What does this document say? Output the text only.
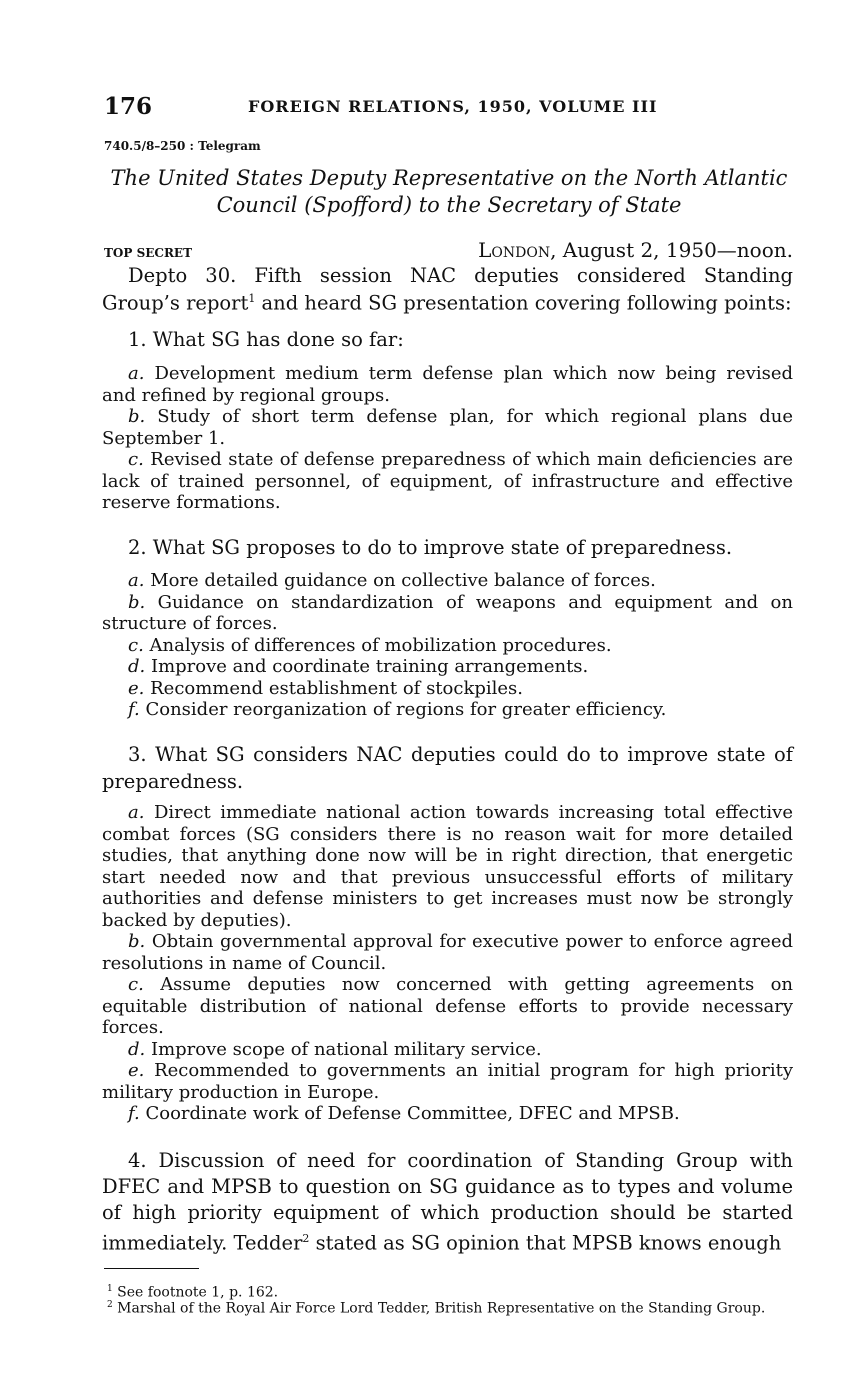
176	FOREIGN RELATIONS, 1950, VOLUME III
740.5/8–250 : Telegram
The United States Deputy Representative on the North Atlantic
Council (Spofford) to the Secretary of State
TOP SECRET	London, August 2, 1950—noon.
Depto 30. Fifth session NAC deputies considered Standing Group’s report$^1$ and heard SG presentation covering following points:
1. What SG has done so far:

a. Development medium term defense plan which now being revised and refined by regional groups.

b. Study of short term defense plan, for which regional plans due September 1.

c. Revised state of defense preparedness of which main deficiencies are lack of trained personnel, of equipment, of infrastructure and effective reserve formations.

2. What SG proposes to do to improve state of preparedness.

a. More detailed guidance on collective balance of forces.

b. Guidance on standardization of weapons and equipment and on structure of forces.

c. Analysis of differences of mobilization procedures.

d. Improve and coordinate training arrangements.

e. Recommend establishment of stockpiles.

f. Consider reorganization of regions for greater efficiency.

3. What SG considers NAC deputies could do to improve state of preparedness.

a. Direct immediate national action towards increasing total effective combat forces (SG considers there is no reason wait for more detailed studies, that anything done now will be in right direction, that energetic start needed now and that previous unsuccessful efforts of military authorities and defense ministers to get increases must now be strongly backed by deputies).

b. Obtain governmental approval for executive power to enforce agreed resolutions in name of Council.

c. Assume deputies now concerned with getting agreements on equitable distribution of national defense efforts to provide necessary forces.

d. Improve scope of national military service.

e. Recommended to governments an initial program for high priority military production in Europe.

f. Coordinate work of Defense Committee, DFEC and MPSB.

4. Discussion of need for coordination of Standing Group with DFEC and MPSB to question on SG guidance as to types and volume of high priority equipment of which production should be started immediately. Tedder$^2$ stated as SG opinion that MPSB knows enough
$^1$ See footnote 1, p. 162.
$^2$ Marshal of the Royal Air Force Lord Tedder, British Representative on the Standing Group.
